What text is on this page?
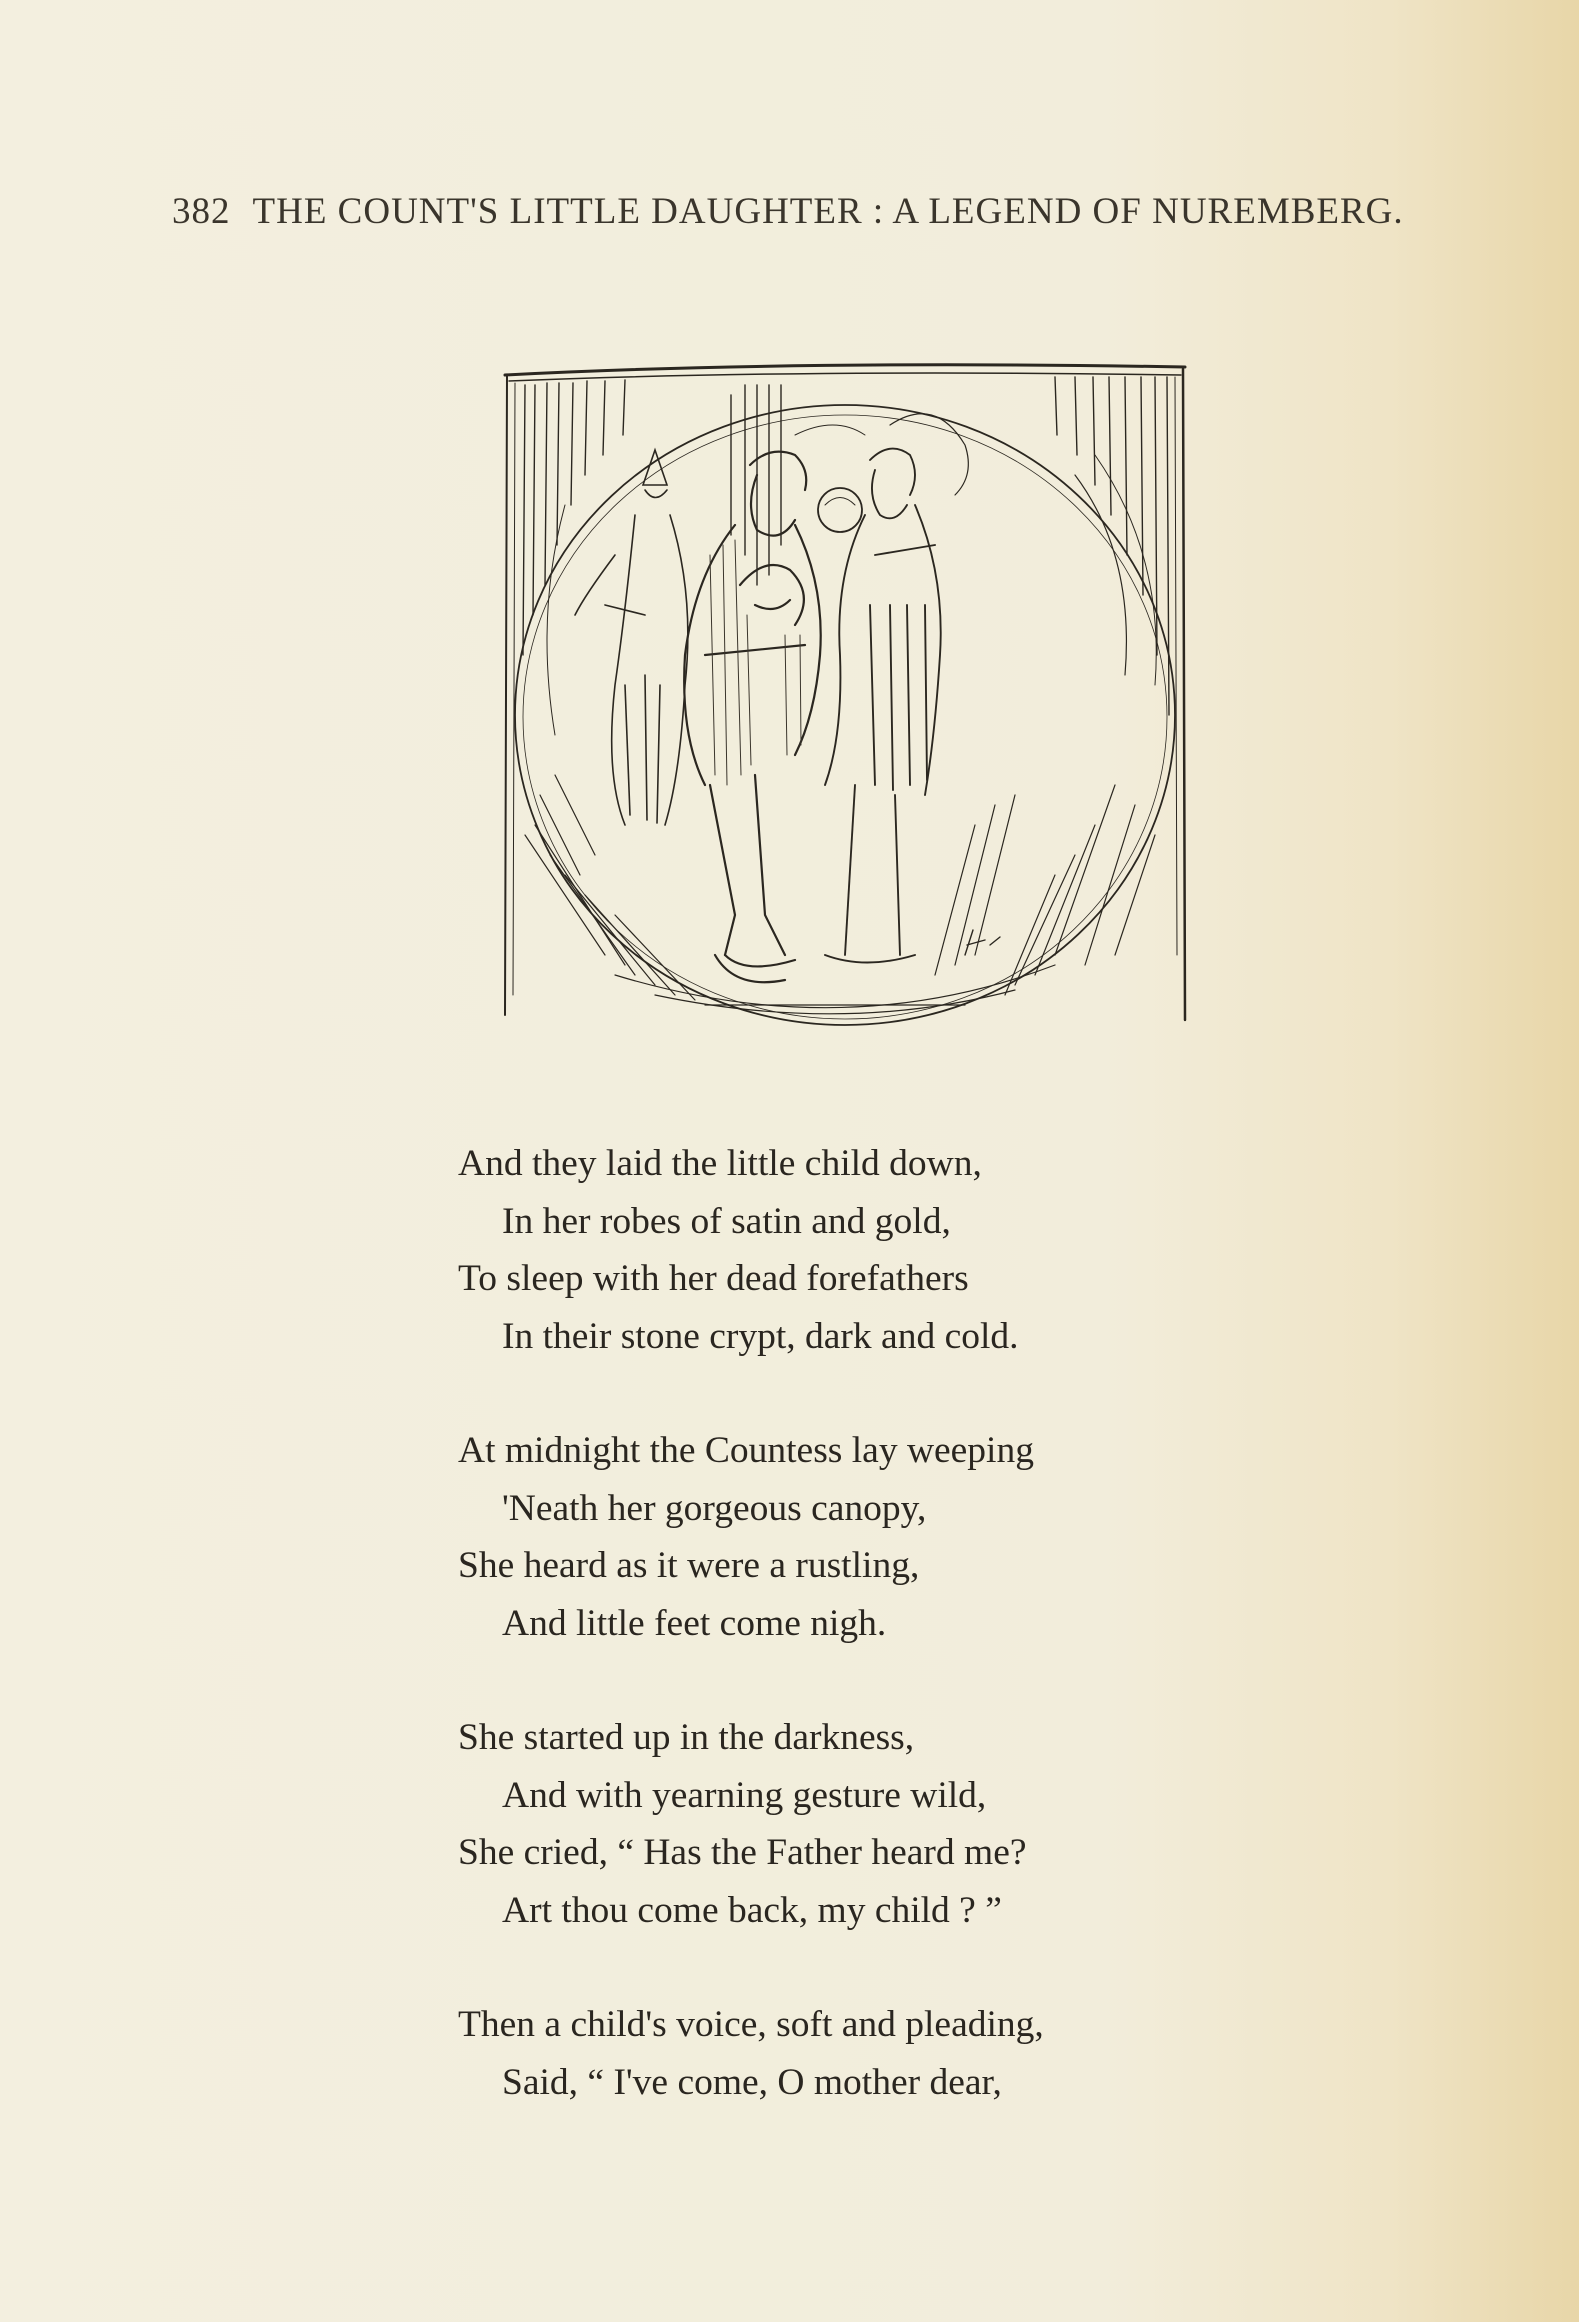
382 THE COUNT'S LITTLE DAUGHTER : A LEGEND OF NUREMBERG.
And they laid the little child down,
In her robes of satin and gold,
To sleep with her dead forefathers
In their stone crypt, dark and cold.
At midnight the Countess lay weeping
'Neath her gorgeous canopy,
She heard as it were a rustling,
And little feet come nigh.
She started up in the darkness,
And with yearning gesture wild,
She cried, “ Has the Father heard me?
Art thou come back, my child ? ”
Then a child's voice, soft and pleading,
Said, “ I've come, O mother dear,
